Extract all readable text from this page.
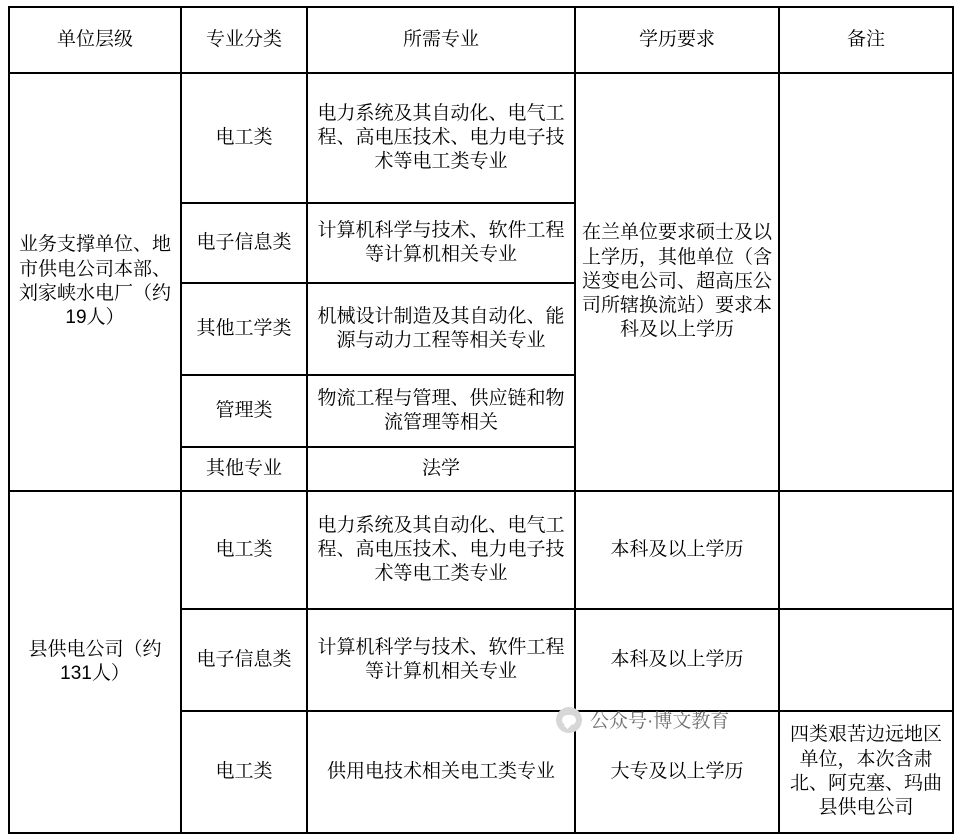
单位层级	专业分类	所需专业	学历要求	备注
业务支撑单位、地市供电公司本部、刘家峡水电厂（约19人）	电工类	电力系统及其自动化、电气工程、高电压技术、电力电子技术等电工类专业	在兰单位要求硕士及以上学历，其他单位（含送变电公司、超高压公司所辖换流站）要求本科及以上学历	
	电子信息类	计算机科学与技术、软件工程等计算机相关专业		
	其他工学类	机械设计制造及其自动化、能源与动力工程等相关专业		
	管理类	物流工程与管理、供应链和物流管理等相关		
	其他专业	法学		
县供电公司（约131人）	电工类	电力系统及其自动化、电气工程、高电压技术、电力电子技术等电工类专业	本科及以上学历	
	电子信息类	计算机科学与技术、软件工程等计算机相关专业	本科及以上学历	
	电工类	供用电技术相关电工类专业	大专及以上学历	四类艰苦边远地区单位，本次含肃北、阿克塞、玛曲县供电公司
公众号·博文教育
